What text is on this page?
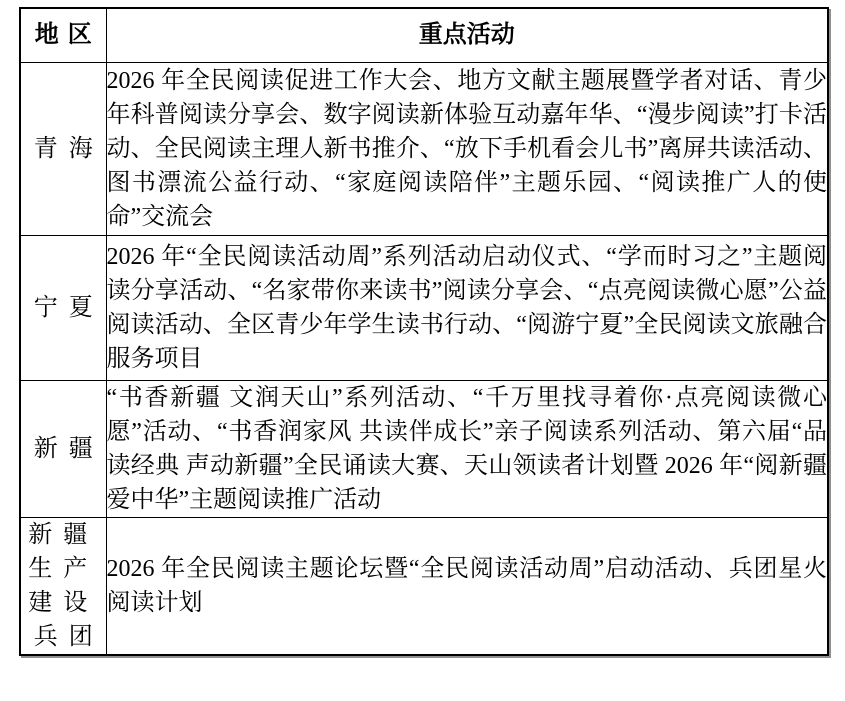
地区	重点活动
青海	2026 年全民阅读促进工作大会、地方文献主题展暨学者对话、青少年科普阅读分享会、数字阅读新体验互动嘉年华、“漫步阅读”打卡活动、全民阅读主理人新书推介、“放下手机看会儿书”离屏共读活动、图书漂流公益行动、“家庭阅读陪伴”主题乐园、“阅读推广人的使命”交流会
宁夏	2026 年“全民阅读活动周”系列活动启动仪式、“学而时习之”主题阅读分享活动、“名家带你来读书”阅读分享会、“点亮阅读微心愿”公益阅读活动、全区青少年学生读书行动、“阅游宁夏”全民阅读文旅融合服务项目
新疆	“书香新疆 文润天山”系列活动、“千万里找寻着你·点亮阅读微心愿”活动、“书香润家风 共读伴成长”亲子阅读系列活动、第六届“品读经典 声动新疆”全民诵读大赛、天山领读者计划暨 2026 年“阅新疆 爱中华”主题阅读推广活动
新疆生产建设兵团	2026 年全民阅读主题论坛暨“全民阅读活动周”启动活动、兵团星火阅读计划
